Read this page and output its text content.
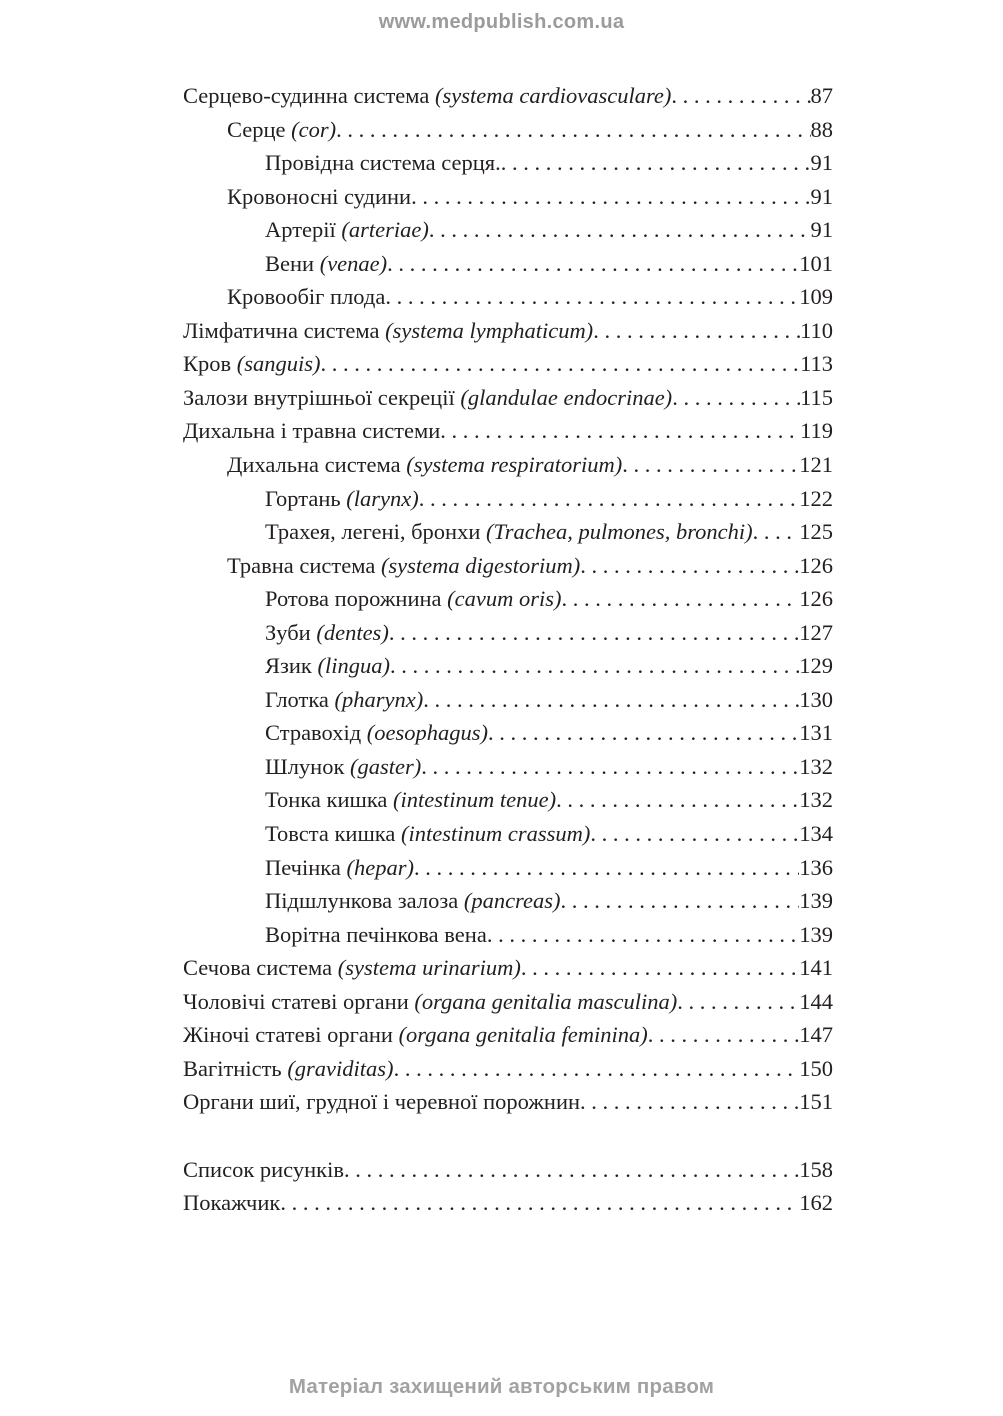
www.medpublish.com.ua
Серцево-судинна система (systema cardiovasculare) . . .	87
Серце (cor) . . .	88
Провідна система серця. . . .	91
Кровоносні судини . . .	91
Артерії (arteriae) . . .	91
Вени (venae) . . .	101
Кровообіг плода . . .	109
Лімфатична система (systema lymphaticum) . . .	110
Кров (sanguis) . . .	113
Залози внутрішньої секреції (glandulae endocrinae) . . .	115
Дихальна і травна системи . . .	119
Дихальна система (systema respiratorium) . . .	121
Гортань (larynx) . . .	122
Трахея, легені, бронхи (Trachea, pulmones, bronchi) . . . 125
Травна система (systema digestorium) . . .	126
Ротова порожнина (cavum oris) . . .	126
Зуби (dentes) . . .	127
Язик (lingua) . . .	129
Глотка (pharynx) . . .	130
Стравохід (oesophagus) . . .	131
Шлунок (gaster) . . .	132
Тонка кишка (intestinum tenue) . . .	132
Товста кишка (intestinum crassum) . . .	134
Печінка (hepar) . . .	136
Підшлункова залоза (pancreas) . . .	139
Ворітна печінкова вена . . .	139
Сечова система (systema urinarium) . . .	141
Чоловічі статеві органи (organa genitalia masculina) . . .	144
Жіночі статеві органи (organa genitalia feminina) . . .	147
Вагітність (graviditas) . . .	150
Органи шиї, грудної і черевної порожнин . . .	151
Список рисунків . . .	158
Покажчик . . .	162
Матеріал захищений авторським правом
